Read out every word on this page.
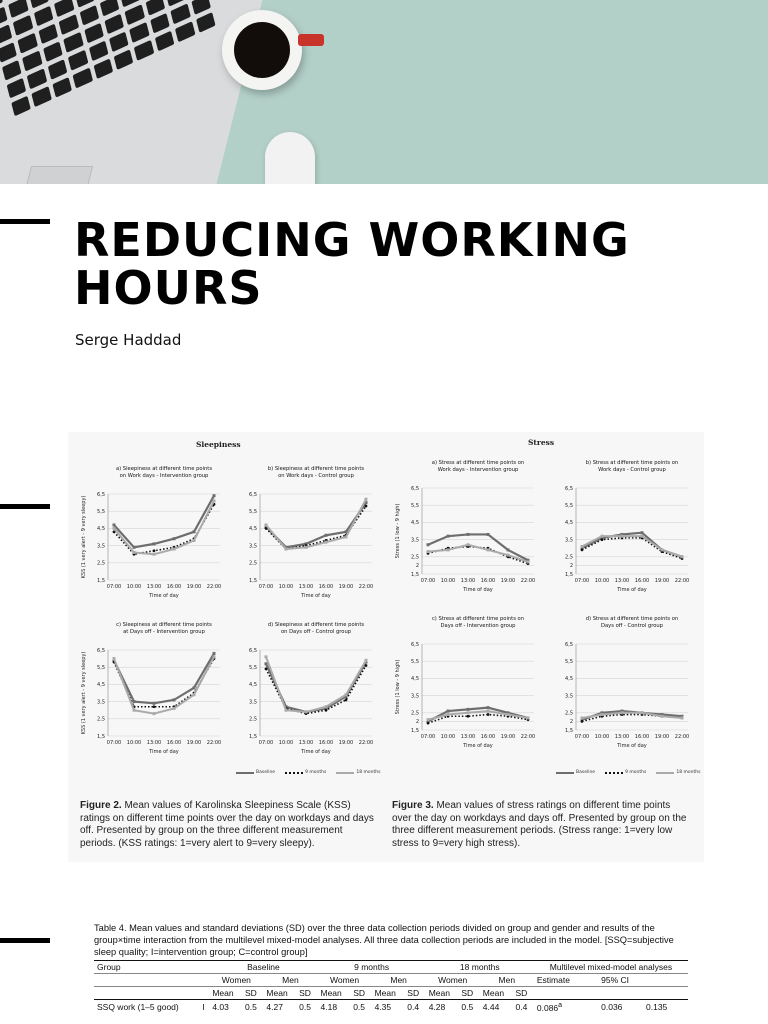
REDUCING WORKING HOURS
Serge Haddad
Sleepiness	Stress
a) Sleepiness at different time points
on Work days - Intervention group
1,5
2,5
3,5
4,5
5,5
6,5
07:00 10:00 13:00 16:00 19:00 22:00
Time of day
KSS (1 very alert - 9 very sleepy)
b) Sleepiness at different time points
on Work days - Control group
1,5
2,5
3,5
4,5
5,5
6,5
07:00 10:00 13:00 16:00 19:00 22:00
Time of day
c) Sleepiness at different time points
at Days off - Intervention group
1,5
2,5
3,5
4,5
5,5
6,5
07:00 10:00 13:00 16:00 19:00 22:00
Time of day
KSS (1 very alert - 9 very sleepy)
d) Sleepiness at different time points
on Days off - Control group
1,5
2,5
3,5
4,5
5,5
6,5
07:00 10:00 13:00 16:00 19:00 22:00
Time of day
a) Stress at different time points on
Work days - Intervention group
1,5
2
2,5
3,5
4,5
5,5
6,5
07:00 10:00 13:00 16:00 19:00 22:00
Time of day
Stress (1 low - 9 high)
b) Stress at different time points on
Work days - Control group
1,5
2
2,5
3,5
4,5
5,5
6,5
07:00 10:00 13:00 16:00 19:00 22:00
Time of day
c) Stress at different time points on
Days off - Intervention group
1,5
2
2,5
3,5
4,5
5,5
6,5
07:00 10:00 13:00 16:00 19:00 22:00
Time of day
Stress (1 low - 9 high)
d) Stress at different time points on
Days off - Control group
1,5
2
2,5
3,5
4,5
5,5
6,5
07:00 10:00 13:00 16:00 19:00 22:00
Time of day
Baseline	9 months	18 months	Baseline	9 months	18 months
Figure 2. Mean values of Karolinska Sleepiness Scale (KSS) ratings on different time points over the day on workdays and days off. Presented by group on the three different measurement periods. (KSS ratings: 1=very alert to 9=very sleepy).
Figure 3. Mean values of stress ratings on different time points over the day on workdays and days off. Presented by group on the three different measurement periods. (Stress range: 1=very low stress to 9=very high stress).

Table 4. Mean values and standard deviations (SD) over the three data collection periods divided on group and gender and results of the group×time interaction from the multilevel mixed-model analyses. All three data collection periods are included in the model. [SSQ=subjective sleep quality; I=intervention group; C=control group]

Group		Baseline				9 months				18 months				Multilevel mixed-model analyses		
		Women		Men		Women		Men		Women		Men		Estimate	95% CI	
		Mean	SD	Mean	SD	Mean	SD	Mean	SD	Mean	SD	Mean	SD			
SSQ work (1–5 good)	I	4.03	0.5	4.27	0.5	4.18	0.5	4.35	0.4	4.28	0.5	4.44	0.4	0.086$^a$	0.036	0.135
